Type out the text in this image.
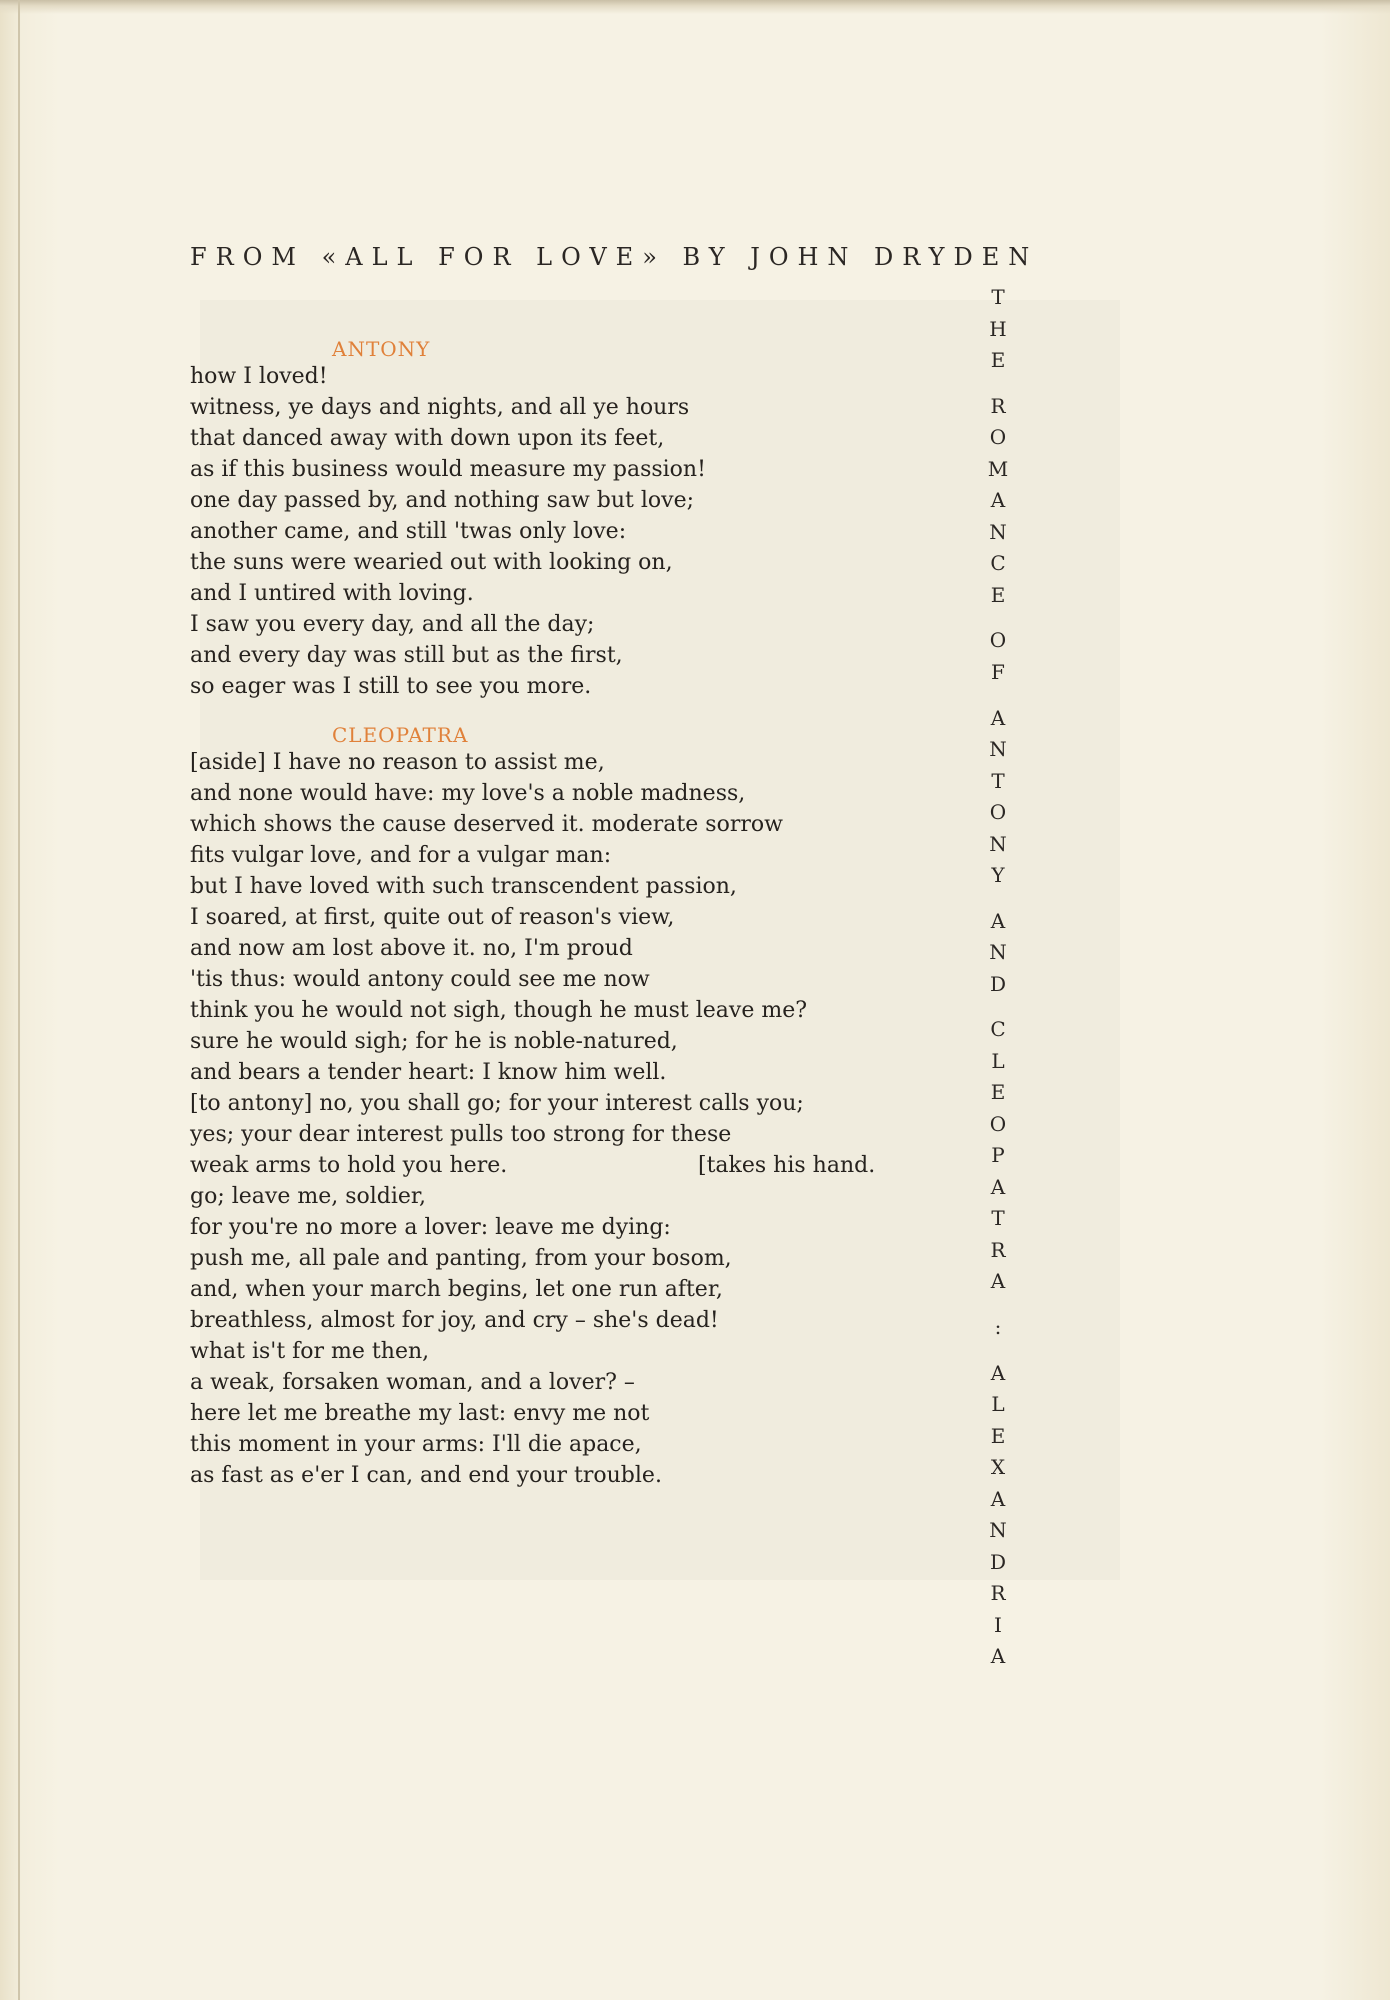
FROM «ALL FOR LOVE» BY JOHN DRYDEN
ANTONY
how I loved!
witness, ye days and nights, and all ye hours
that danced away with down upon its feet,
as if this business would measure my passion!
one day passed by, and nothing saw but love;
another came, and still 'twas only love:
the suns were wearied out with looking on,
and I untired with loving.
I saw you every day, and all the day;
and every day was still but as the first,
so eager was I still to see you more.
CLEOPATRA
[aside] I have no reason to assist me,
and none would have: my love's a noble madness,
which shows the cause deserved it. moderate sorrow
fits vulgar love, and for a vulgar man:
but I have loved with such transcendent passion,
I soared, at first, quite out of reason's view,
and now am lost above it. no, I'm proud
'tis thus: would antony could see me now
think you he would not sigh, though he must leave me?
sure he would sigh; for he is noble-natured,
and bears a tender heart: I know him well.
[to antony] no, you shall go; for your interest calls you;
yes; your dear interest pulls too strong for these
weak arms to hold you here.	[takes his hand.
go; leave me, soldier,
for you're no more a lover: leave me dying:
push me, all pale and panting, from your bosom,
and, when your march begins, let one run after,
breathless, almost for joy, and cry – she's dead!
what is't for me then,
a weak, forsaken woman, and a lover? –
here let me breathe my last: envy me not
this moment in your arms: I'll die apace,
as fast as e'er I can, and end your trouble.
T
H
E

R
O
M
A
N
C
E

O
F

A
N
T
O
N
Y

A
N
D

C
L
E
O
P
A
T
R
A

:

A
L
E
X
A
N
D
R
I
A
